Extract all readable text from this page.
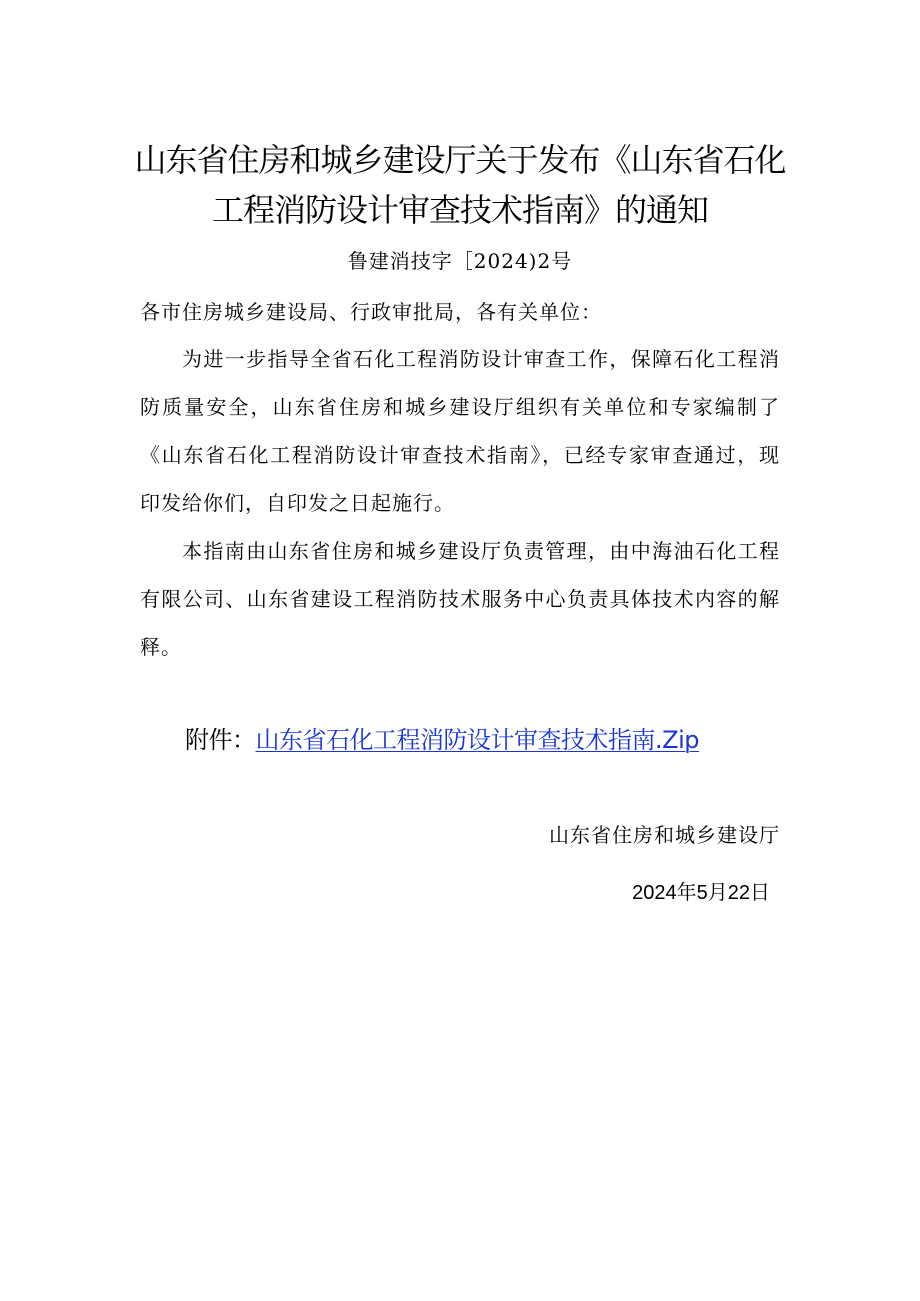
山东省住房和城乡建设厅关于发布《山东省石化
工程消防设计审查技术指南》的通知
鲁建消技字［2024)2号
各市住房城乡建设局、行政审批局，各有关单位：
为进一步指导全省石化工程消防设计审查工作，保障石化工程消防质量安全，山东省住房和城乡建设厅组织有关单位和专家编制了《山东省石化工程消防设计审查技术指南》，已经专家审查通过，现印发给你们，自印发之日起施行。
本指南由山东省住房和城乡建设厅负责管理，由中海油石化工程有限公司、山东省建设工程消防技术服务中心负责具体技术内容的解释。
附件：山东省石化工程消防设计审查技术指南.Zip
山东省住房和城乡建设厅
2024年5月22日
